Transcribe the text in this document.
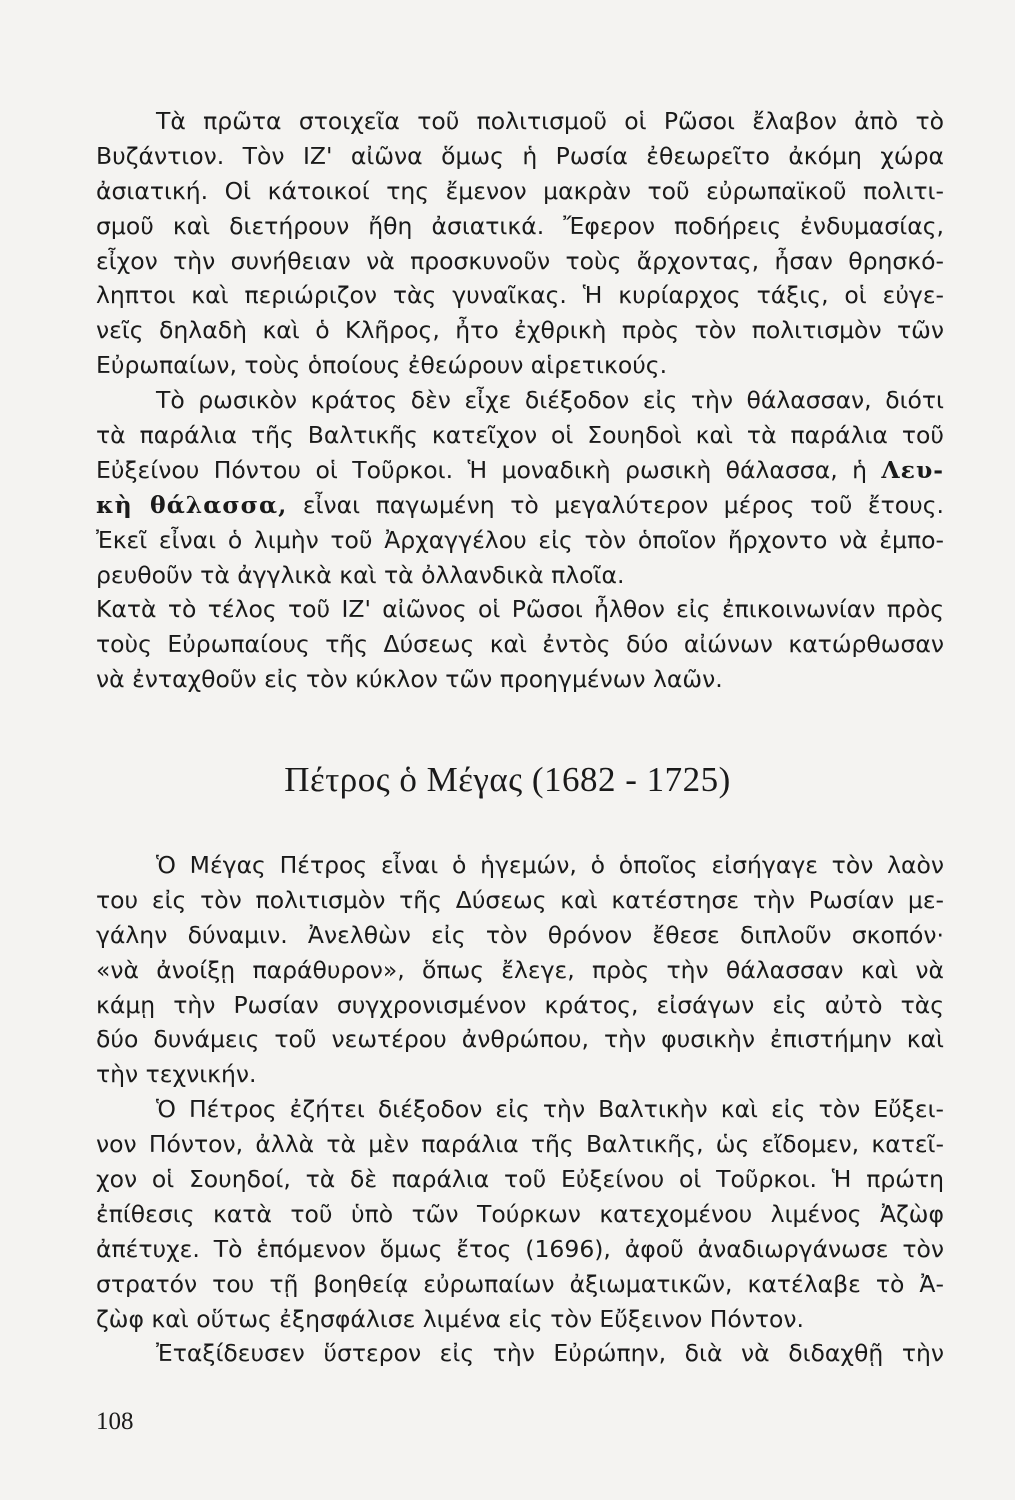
Τὰ πρῶτα στοιχεῖα τοῦ πολιτισμοῦ οἱ Ρῶσοι ἔλαβον ἀπὸ τὸ
Βυζάντιον. Τὸν ΙΖ' αἰῶνα ὅμως ἡ Ρωσία ἐθεωρεῖτο ἀκόμη χώρα
ἀσιατική. Οἱ κάτοικοί της ἔμενον μακρὰν τοῦ εὐρωπαϊκοῦ πολιτι-
σμοῦ καὶ διετήρουν ἤθη ἀσιατικά. Ἔφερον ποδήρεις ἐνδυμασίας,
εἶχον τὴν συνήθειαν νὰ προσκυνοῦν τοὺς ἄρχοντας, ἦσαν θρησκό-
ληπτοι καὶ περιώριζον τὰς γυναῖκας. Ἡ κυρίαρχος τάξις, οἱ εὐγε-
νεῖς δηλαδὴ καὶ ὁ Κλῆρος, ἦτο ἐχθρικὴ πρὸς τὸν πολιτισμὸν τῶν
Εὐρωπαίων, τοὺς ὁποίους ἐθεώρουν αἱρετικούς.
Τὸ ρωσικὸν κράτος δὲν εἶχε διέξοδον εἰς τὴν θάλασσαν, διότι
τὰ παράλια τῆς Βαλτικῆς κατεῖχον οἱ Σουηδοὶ καὶ τὰ παράλια τοῦ
Εὐξείνου Πόντου οἱ Τοῦρκοι. Ἡ μοναδικὴ ρωσικὴ θάλασσα, ἡ Λευ-
κὴ θάλασσα, εἶναι παγωμένη τὸ μεγαλύτερον μέρος τοῦ ἔτους.
Ἐκεῖ εἶναι ὁ λιμὴν τοῦ Ἀρχαγγέλου εἰς τὸν ὁποῖον ἤρχοντο νὰ ἐμπο-
ρευθοῦν τὰ ἀγγλικὰ καὶ τὰ ὀλλανδικὰ πλοῖα.
Κατὰ τὸ τέλος τοῦ ΙΖ' αἰῶνος οἱ Ρῶσοι ἦλθον εἰς ἐπικοινωνίαν πρὸς
τοὺς Εὐρωπαίους τῆς Δύσεως καὶ ἐντὸς δύο αἰώνων κατώρθωσαν
νὰ ἐνταχθοῦν εἰς τὸν κύκλον τῶν προηγμένων λαῶν.
Πέτρος ὁ Μέγας (1682 - 1725)
Ὁ Μέγας Πέτρος εἶναι ὁ ἡγεμών, ὁ ὁποῖος εἰσήγαγε τὸν λαὸν
του εἰς τὸν πολιτισμὸν τῆς Δύσεως καὶ κατέστησε τὴν Ρωσίαν με-
γάλην δύναμιν. Ἀνελθὼν εἰς τὸν θρόνον ἔθεσε διπλοῦν σκοπόν·
«νὰ ἀνοίξῃ παράθυρον», ὅπως ἔλεγε, πρὸς τὴν θάλασσαν καὶ νὰ
κάμῃ τὴν Ρωσίαν συγχρονισμένον κράτος, εἰσάγων εἰς αὐτὸ τὰς
δύο δυνάμεις τοῦ νεωτέρου ἀνθρώπου, τὴν φυσικὴν ἐπιστήμην καὶ
τὴν τεχνικήν.
Ὁ Πέτρος ἐζήτει διέξοδον εἰς τὴν Βαλτικὴν καὶ εἰς τὸν Εὔξει-
νον Πόντον, ἀλλὰ τὰ μὲν παράλια τῆς Βαλτικῆς, ὡς εἴδομεν, κατεῖ-
χον οἱ Σουηδοί, τὰ δὲ παράλια τοῦ Εὐξείνου οἱ Τοῦρκοι. Ἡ πρώτη
ἐπίθεσις κατὰ τοῦ ὑπὸ τῶν Τούρκων κατεχομένου λιμένος Ἀζὼφ
ἀπέτυχε. Τὸ ἑπόμενον ὅμως ἔτος (1696), ἀφοῦ ἀναδιωργάνωσε τὸν
στρατόν του τῇ βοηθείᾳ εὐρωπαίων ἀξιωματικῶν, κατέλαβε τὸ Ἀ-
ζὼφ καὶ οὕτως ἐξησφάλισε λιμένα εἰς τὸν Εὔξεινον Πόντον.
Ἐταξίδευσεν ὕστερον εἰς τὴν Εὐρώπην, διὰ νὰ διδαχθῇ τὴν
108
